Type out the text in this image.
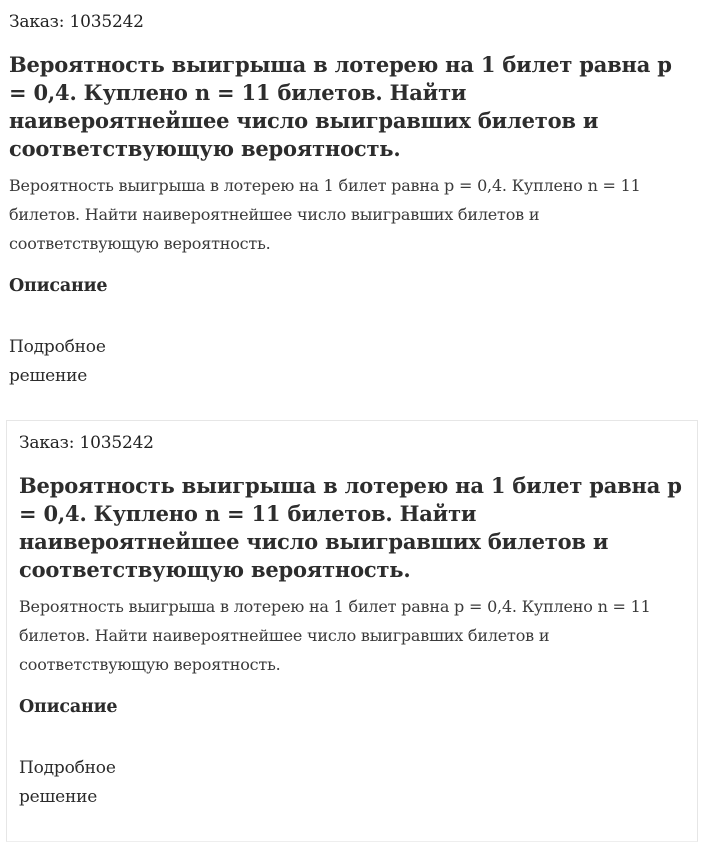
Заказ: 1035242
Вероятность выигрыша в лотерею на 1 билет равна p = 0,4. Куплено n = 11 билетов. Найти наивероятнейшее число выигравших билетов и соответствующую вероятность.

Вероятность выигрыша в лотерею на 1 билет равна p = 0,4. Куплено n = 11 билетов. Найти наивероятнейшее число выигравших билетов и соответствующую вероятность.

Описание
Подробное решение
Заказ: 1035242
Вероятность выигрыша в лотерею на 1 билет равна p = 0,4. Куплено n = 11 билетов. Найти наивероятнейшее число выигравших билетов и соответствующую вероятность.

Вероятность выигрыша в лотерею на 1 билет равна p = 0,4. Куплено n = 11 билетов. Найти наивероятнейшее число выигравших билетов и соответствующую вероятность.

Описание
Подробное решение
